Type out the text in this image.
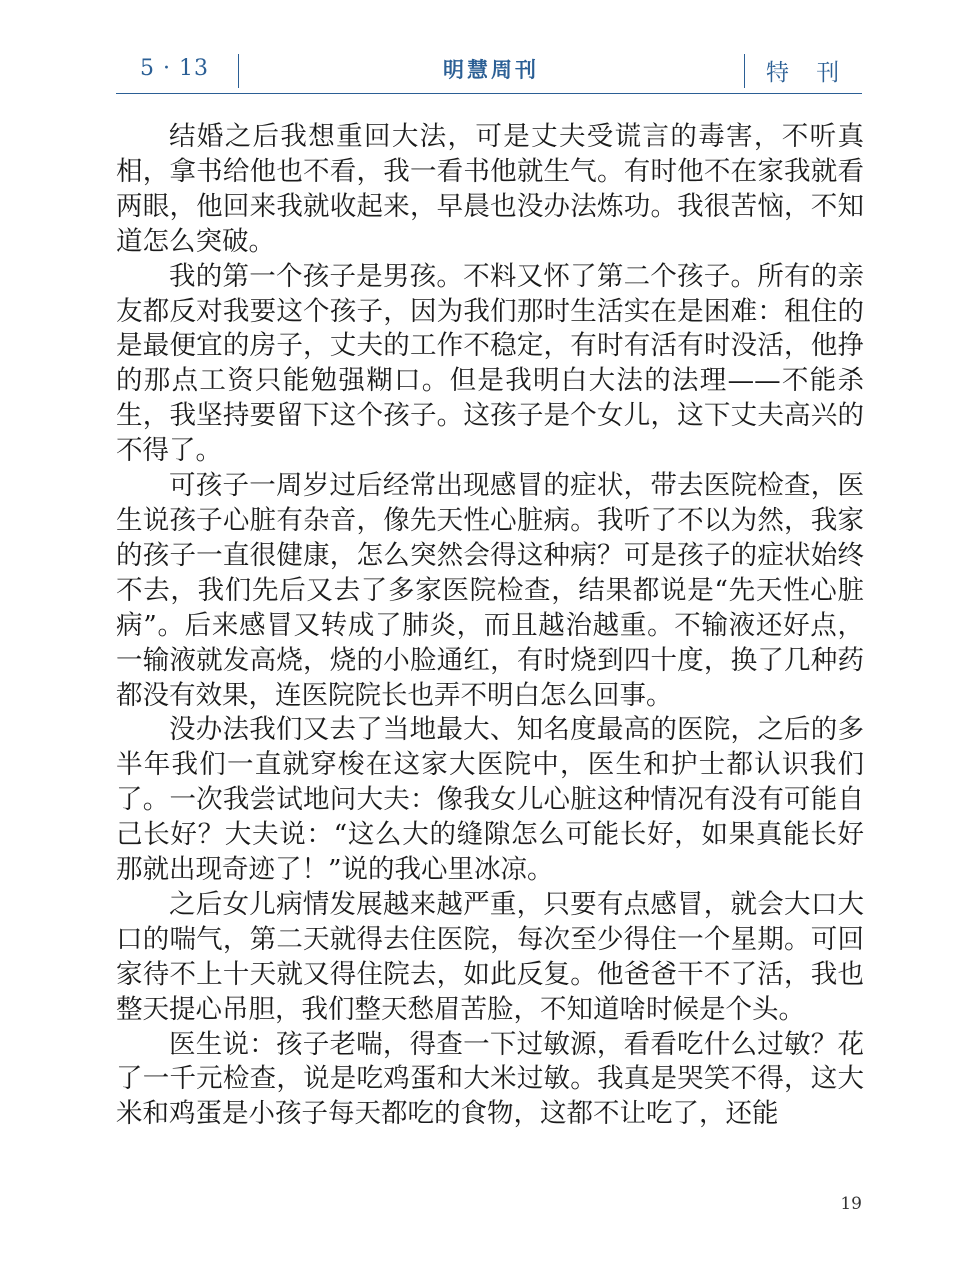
5 · 13	明慧周刊	特 刊

结婚之后我想重回大法，可是丈夫受谎言的毒害，不听真相，拿书给他也不看，我一看书他就生气。有时他不在家我就看两眼，他回来我就收起来，早晨也没办法炼功。我很苦恼，不知道怎么突破。

我的第一个孩子是男孩。不料又怀了第二个孩子。所有的亲友都反对我要这个孩子，因为我们那时生活实在是困难：租住的是最便宜的房子，丈夫的工作不稳定，有时有活有时没活，他挣的那点工资只能勉强糊口。但是我明白大法的法理——不能杀生，我坚持要留下这个孩子。这孩子是个女儿，这下丈夫高兴的不得了。

可孩子一周岁过后经常出现感冒的症状，带去医院检查，医生说孩子心脏有杂音，像先天性心脏病。我听了不以为然，我家的孩子一直很健康，怎么突然会得这种病？可是孩子的症状始终不去，我们先后又去了多家医院检查，结果都说是“先天性心脏病”。后来感冒又转成了肺炎，而且越治越重。不输液还好点，一输液就发高烧，烧的小脸通红，有时烧到四十度，换了几种药都没有效果，连医院院长也弄不明白怎么回事。

没办法我们又去了当地最大、知名度最高的医院，之后的多半年我们一直就穿梭在这家大医院中，医生和护士都认识我们了。一次我尝试地问大夫：像我女儿心脏这种情况有没有可能自己长好？大夫说：“这么大的缝隙怎么可能长好，如果真能长好那就出现奇迹了！”说的我心里冰凉。

之后女儿病情发展越来越严重，只要有点感冒，就会大口大口的喘气，第二天就得去住医院，每次至少得住一个星期。可回家待不上十天就又得住院去，如此反复。他爸爸干不了活，我也整天提心吊胆，我们整天愁眉苦脸，不知道啥时候是个头。

医生说：孩子老喘，得查一下过敏源，看看吃什么过敏？花了一千元检查，说是吃鸡蛋和大米过敏。我真是哭笑不得，这大米和鸡蛋是小孩子每天都吃的食物，这都不让吃了，还能

19
